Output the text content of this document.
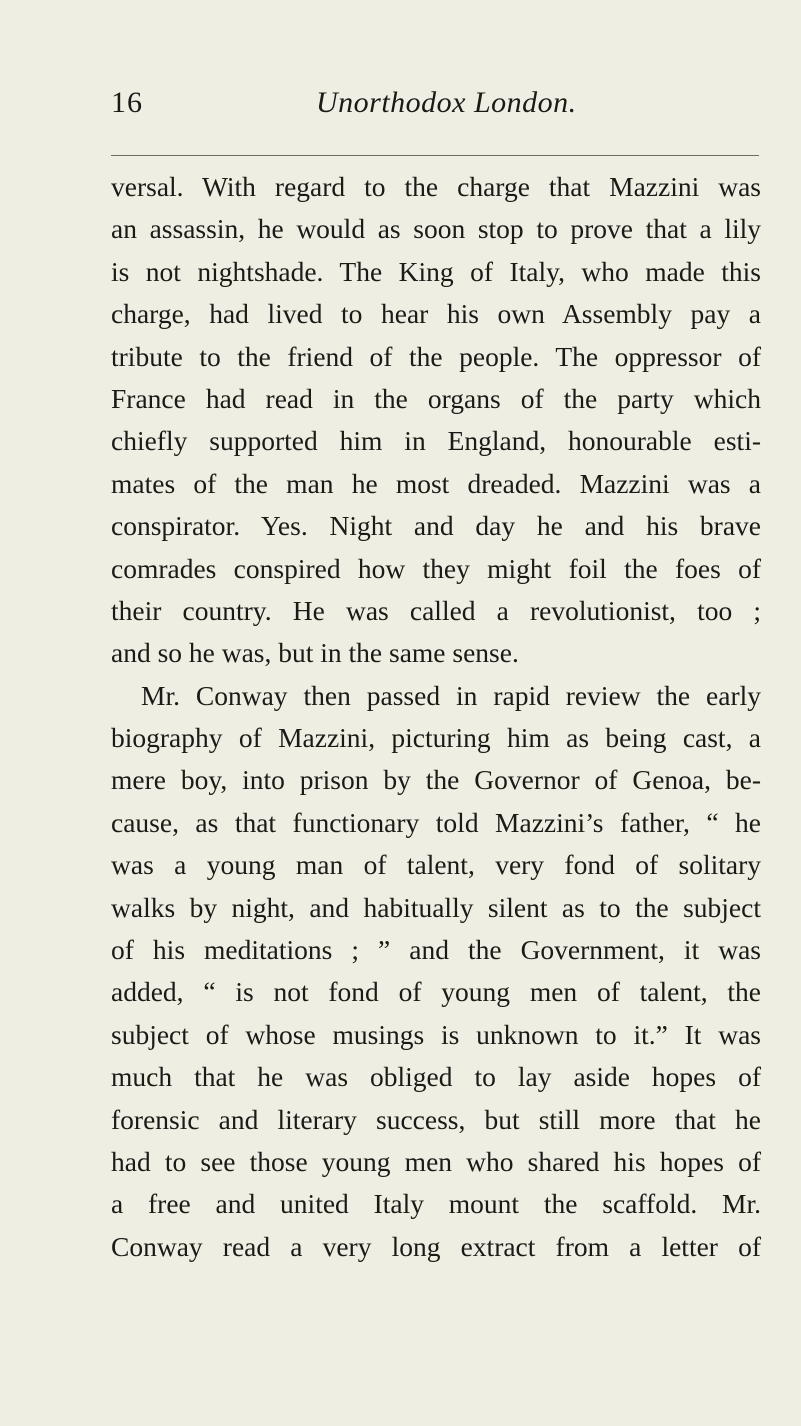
16	Unorthodox London.
versal. With regard to the charge that Mazzini was
an assassin, he would as soon stop to prove that a lily
is not nightshade. The King of Italy, who made this
charge, had lived to hear his own Assembly pay a
tribute to the friend of the people. The oppressor of
France had read in the organs of the party which
chiefly supported him in England, honourable esti-
mates of the man he most dreaded. Mazzini was a
conspirator. Yes. Night and day he and his brave
comrades conspired how they might foil the foes of
their country. He was called a revolutionist, too ;
and so he was, but in the same sense.
Mr. Conway then passed in rapid review the early
biography of Mazzini, picturing him as being cast, a
mere boy, into prison by the Governor of Genoa, be-
cause, as that functionary told Mazzini’s father, “ he
was a young man of talent, very fond of solitary
walks by night, and habitually silent as to the subject
of his meditations ; ” and the Government, it was
added, “ is not fond of young men of talent, the
subject of whose musings is unknown to it.” It was
much that he was obliged to lay aside hopes of
forensic and literary success, but still more that he
had to see those young men who shared his hopes of
a free and united Italy mount the scaffold. Mr.
Conway read a very long extract from a letter of
